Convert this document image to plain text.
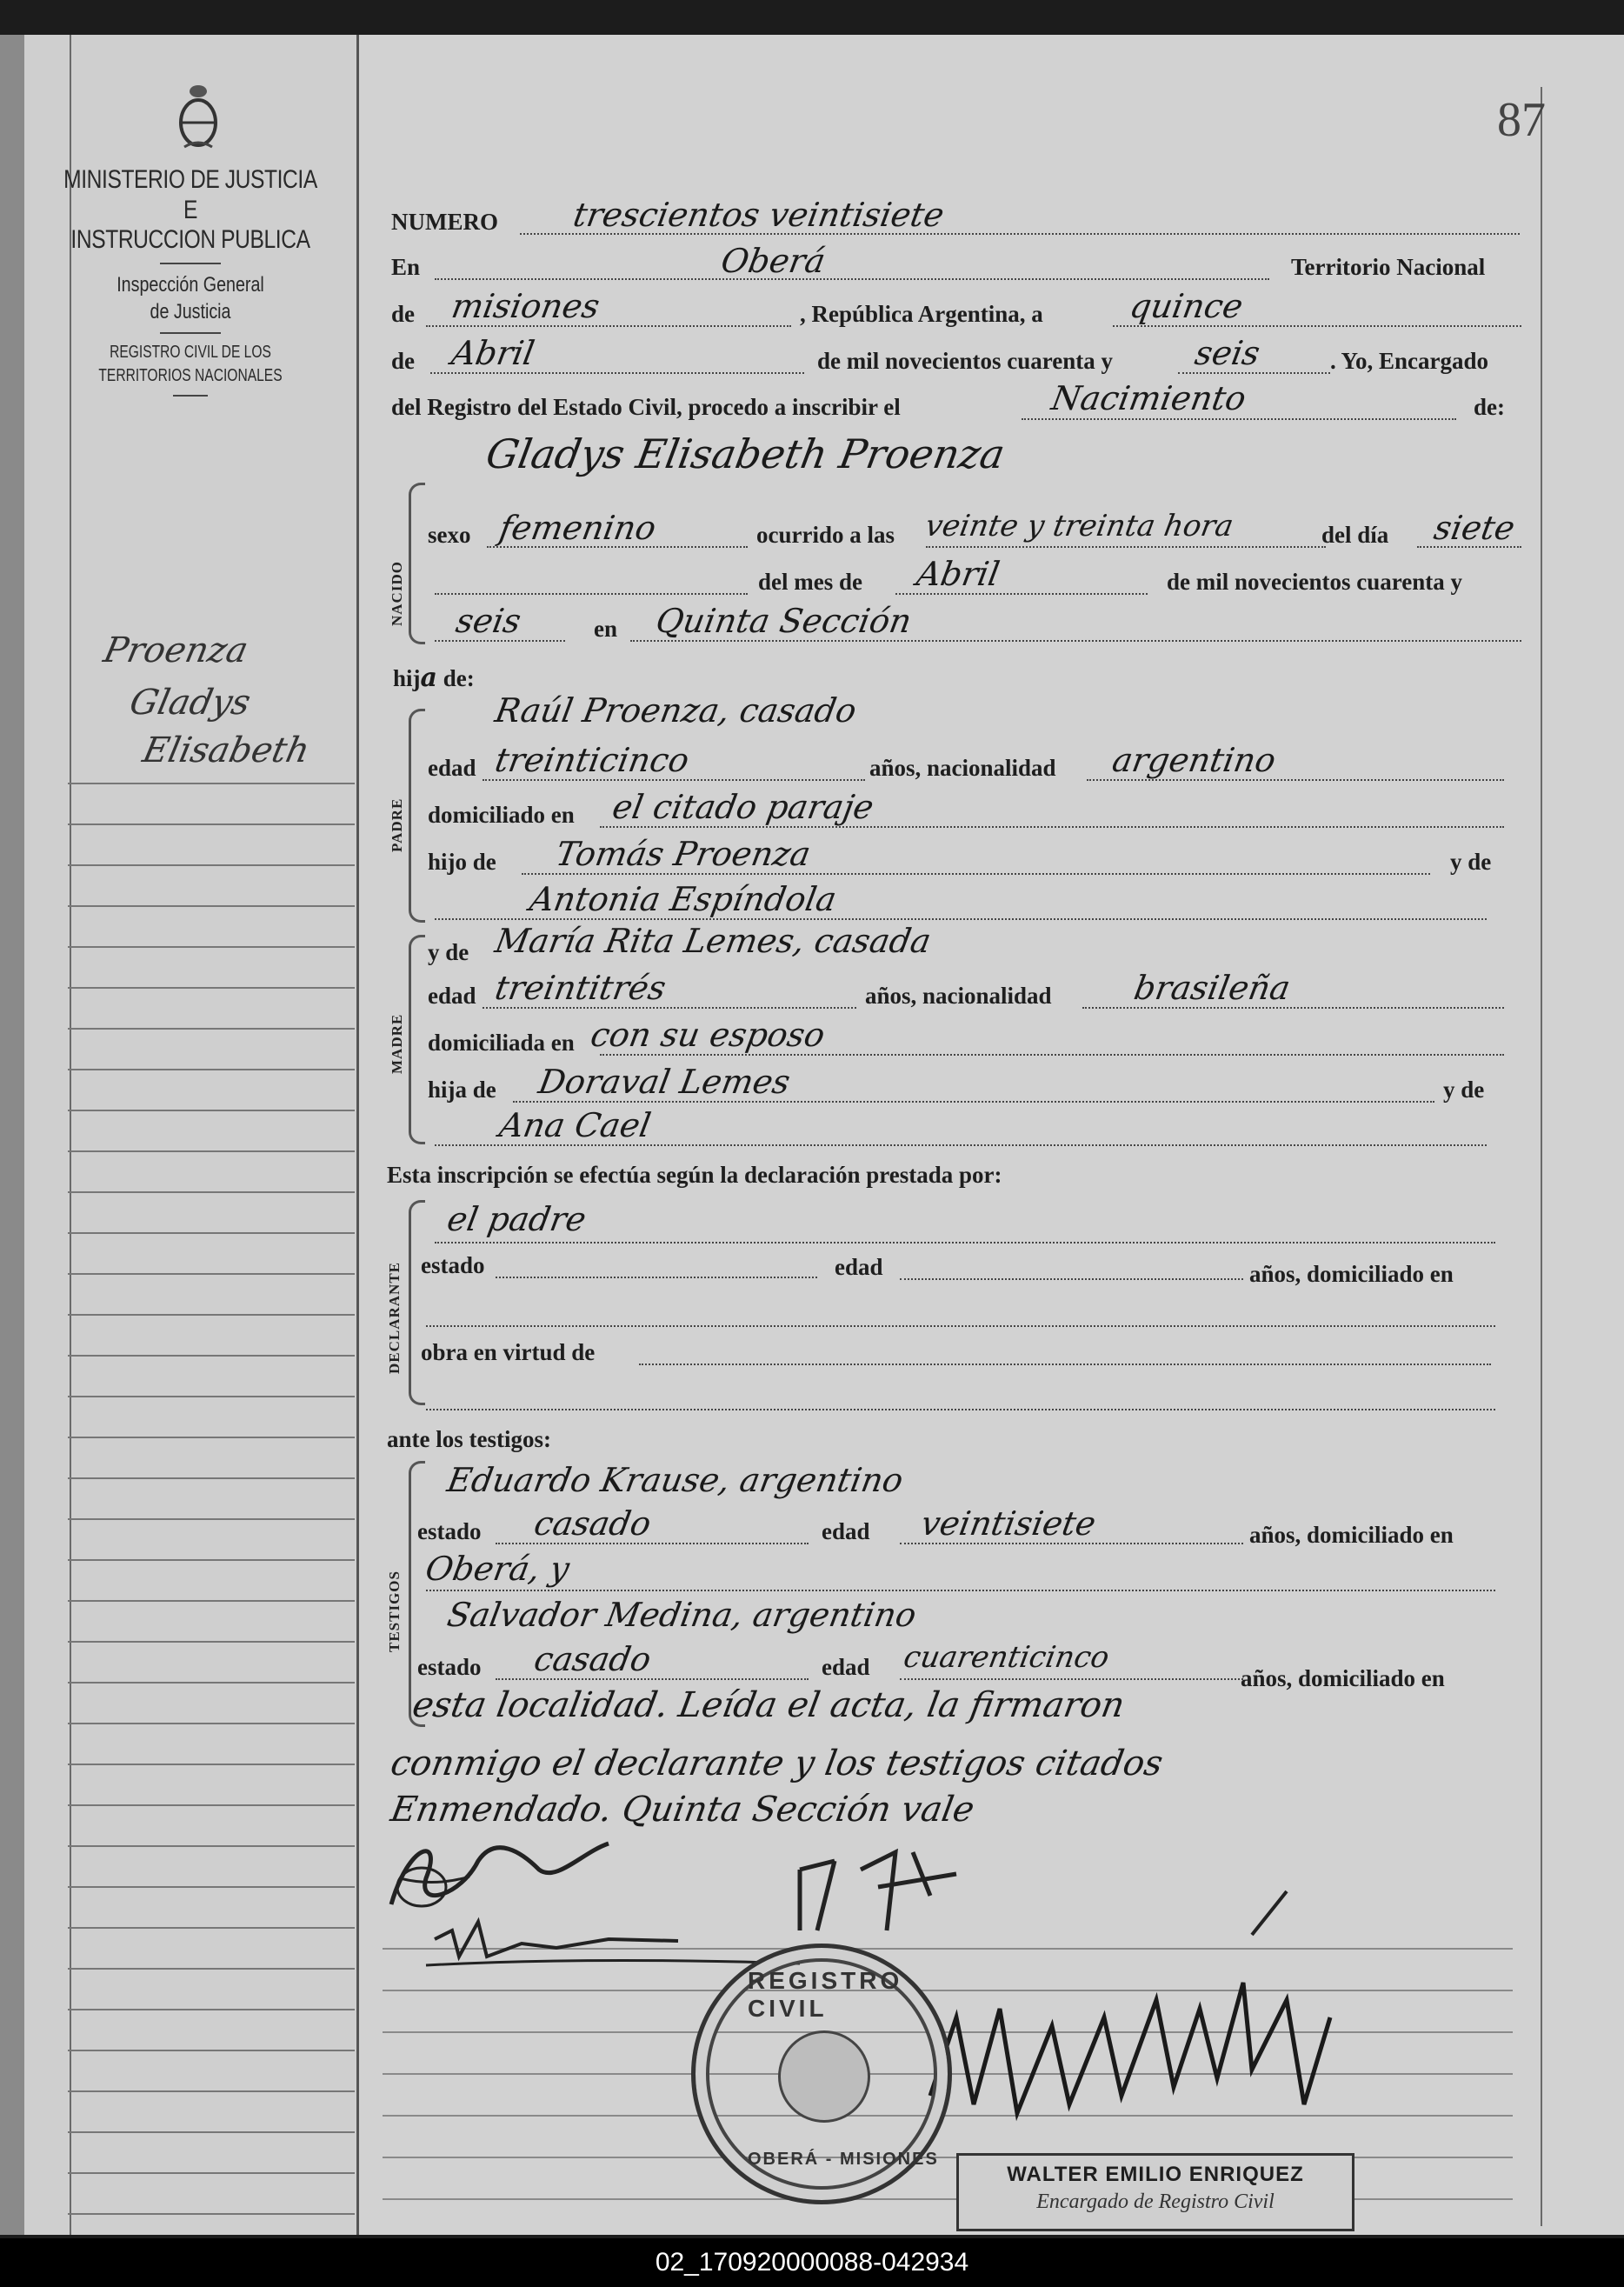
MINISTERIO DE JUSTICIA
E
INSTRUCCION PUBLICA
Inspección General
de Justicia
REGISTRO CIVIL DE LOS
TERRITORIOS NACIONALES
Proenza
Gladys
Elisabeth
87
NUMERO trescientos veintisiete
En	Oberá	Territorio Nacional
de misiones	, República Argentina, a	quince
de Abril	de mil novecientos cuarenta y seis	. Yo, Encargado
del Registro del Estado Civil, procedo a inscribir el	Nacimiento	de:
Gladys Elisabeth Proenza
NACIDO
sexo femenino	ocurrido a las veinte y treinta hora	del día siete
del mes de Abril	de mil novecientos cuarenta y
seis	en Quinta Sección
hija de:
PADRE
Raúl Proenza, casado
edad treinticinco	años, nacionalidad argentino
domiciliado en el citado paraje
hijo de Tomás Proenza	y de
Antonia Espíndola
MADRE
y de María Rita Lemes, casada
edad treintitrés	años, nacionalidad brasileña
domiciliada en con su esposo
hija de Doraval Lemes	y de
Ana Cael
Esta inscripción se efectúa según la declaración prestada por:
DECLARANTE
el padre
estado	edad	años, domiciliado en
obra en virtud de
ante los testigos:
TESTIGOS
Eduardo Krause, argentino
estado casado	edad veintisiete	años, domiciliado en
Oberá, y
Salvador Medina, argentino
estado casado	edad cuarenticinco
años, domiciliado en
esta localidad. Leída el acta, la firmaron
conmigo el declarante y los testigos citados
Enmendado. Quinta Sección vale
REGISTRO CIVIL
OBERÁ - MISIONES
WALTER EMILIO ENRIQUEZ
Encargado de Registro Civil
02_170920000088-042934
